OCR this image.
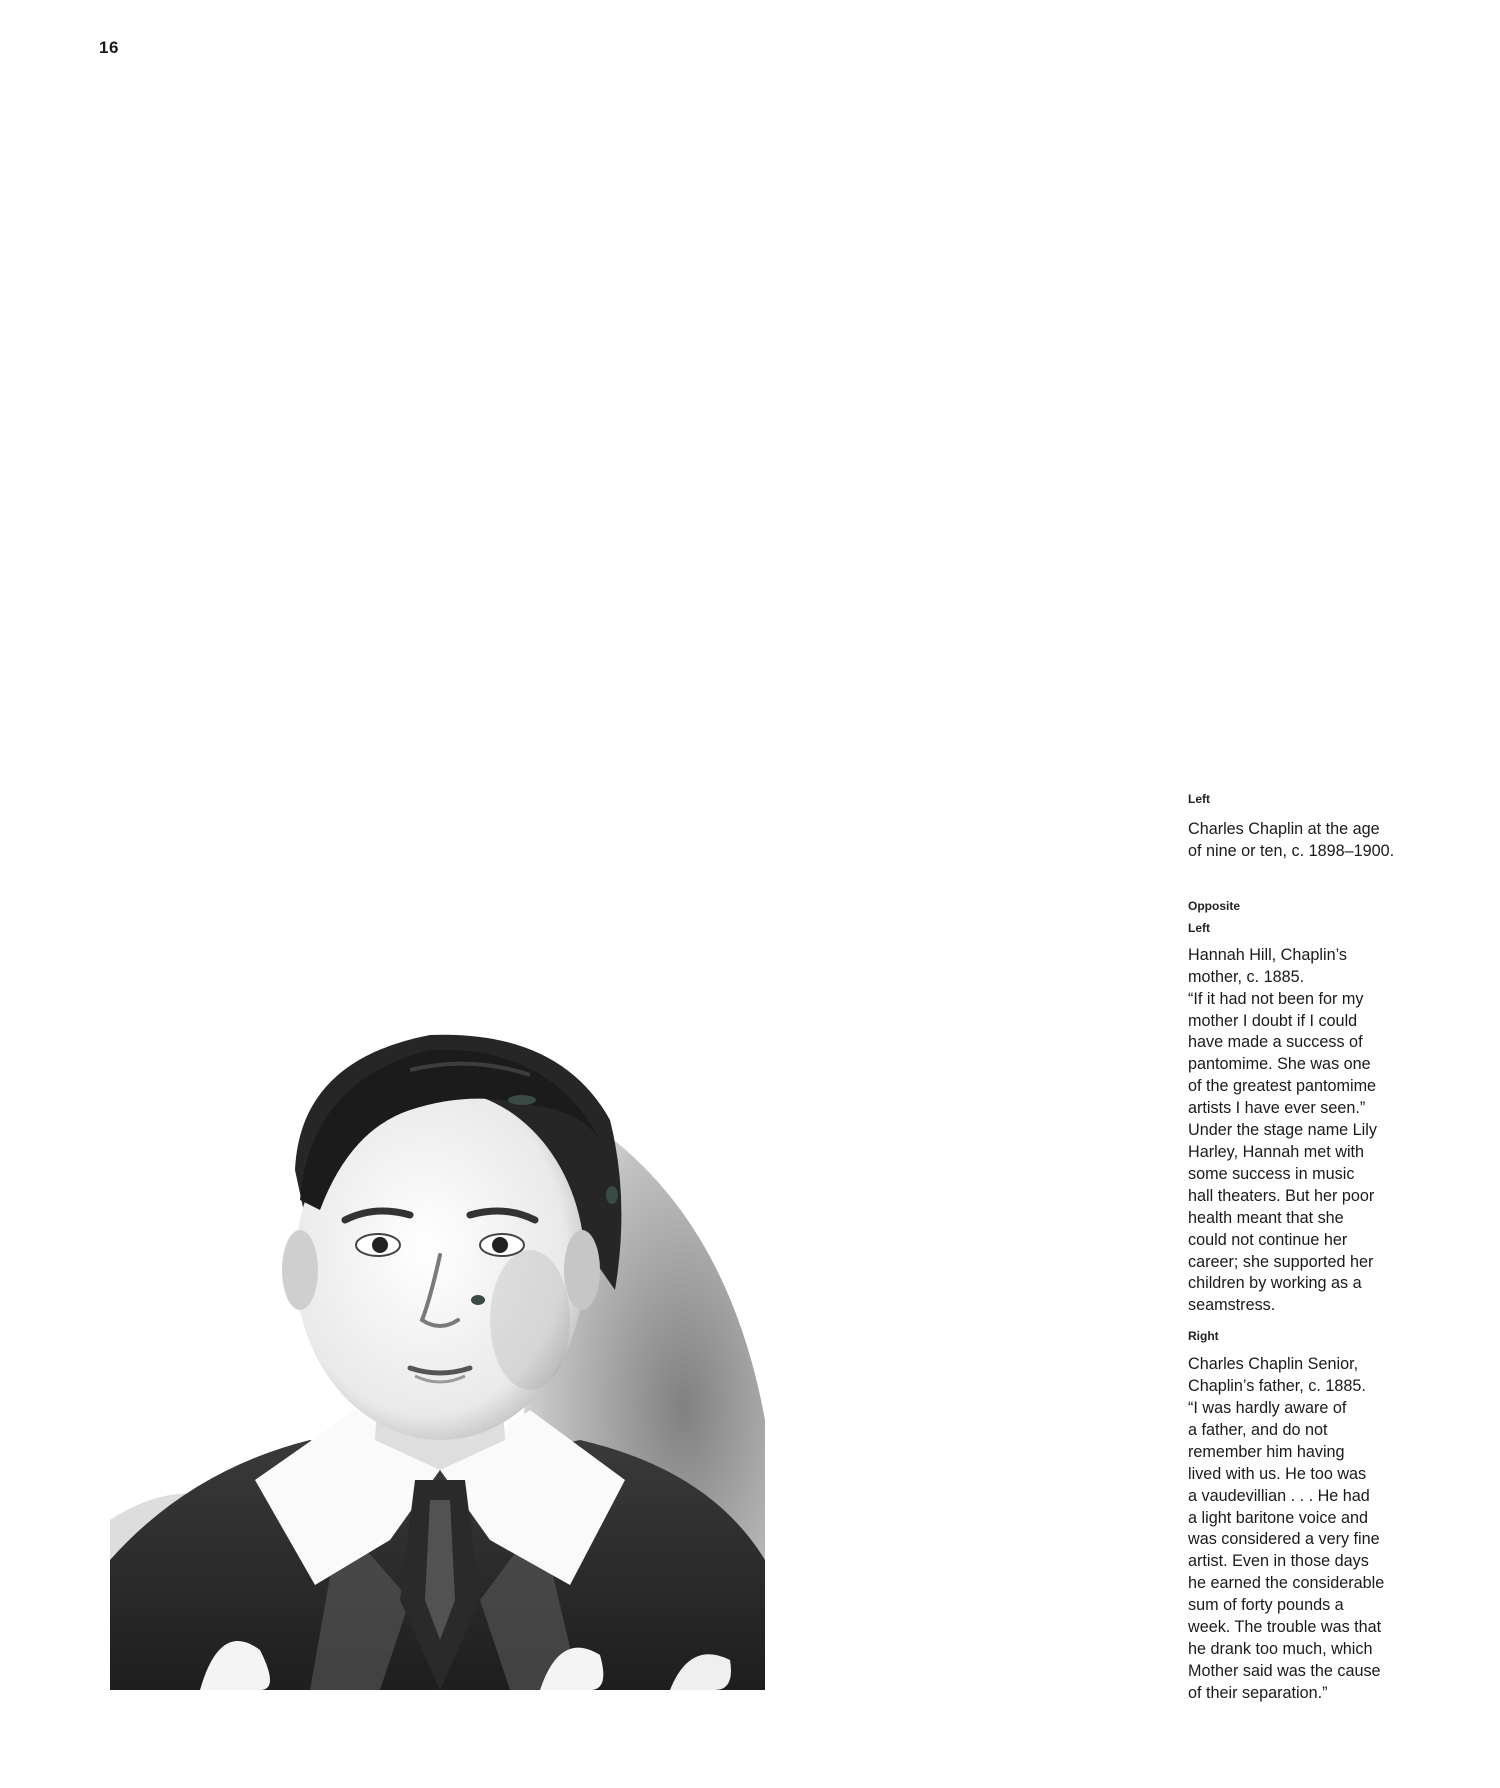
16
Left
Charles Chaplin at the age
of nine or ten, c. 1898–1900.
Opposite
Left
Hannah Hill, Chaplin’s
mother, c. 1885.
“If it had not been for my
mother I doubt if I could
have made a success of
pantomime. She was one
of the greatest pantomime
artists I have ever seen.”
Under the stage name Lily
Harley, Hannah met with
some success in music
hall theaters. But her poor
health meant that she
could not continue her
career; she supported her
children by working as a
seamstress.
Right
Charles Chaplin Senior,
Chaplin’s father, c. 1885.
“I was hardly aware of
a father, and do not
remember him having
lived with us. He too was
a vaudevillian . . . He had
a light baritone voice and
was considered a very fine
artist. Even in those days
he earned the considerable
sum of forty pounds a
week. The trouble was that
he drank too much, which
Mother said was the cause
of their separation.”
